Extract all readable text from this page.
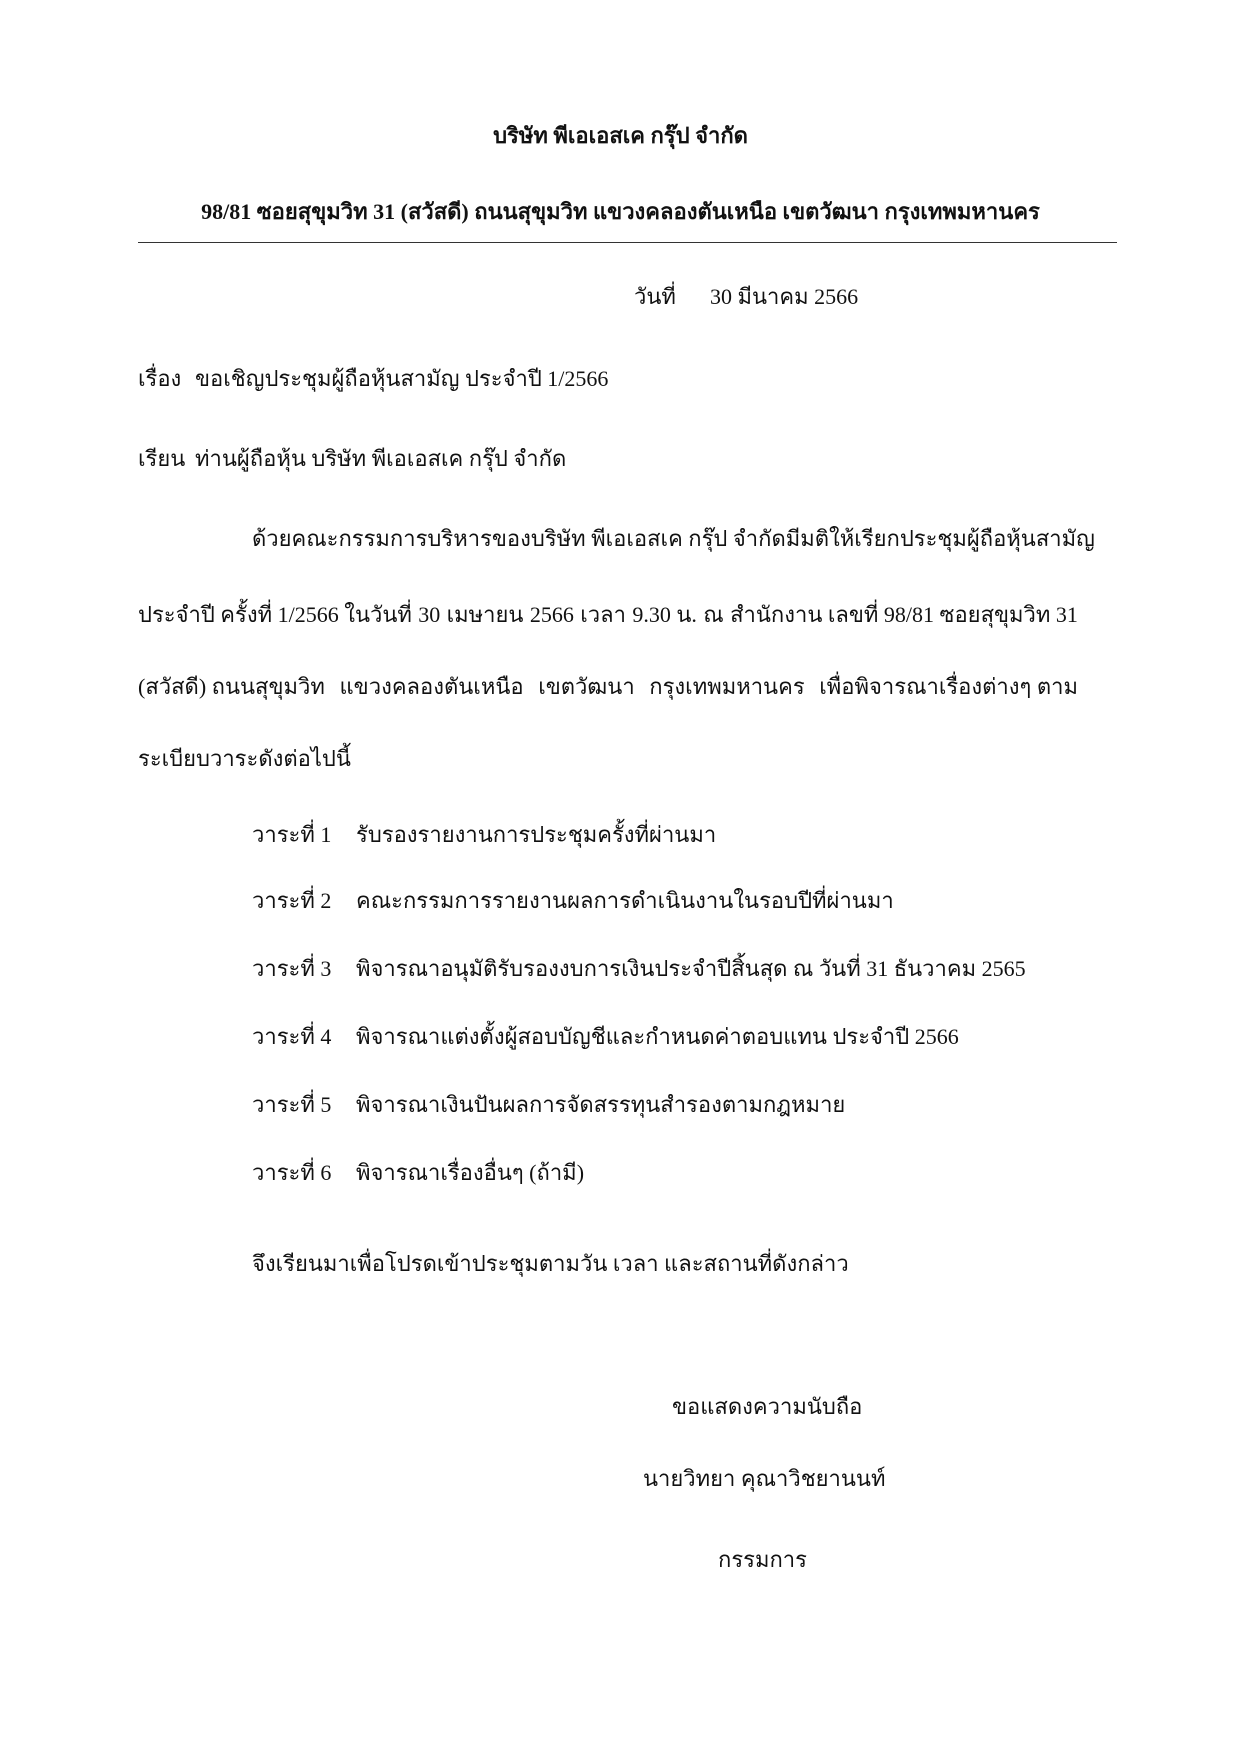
บริษัท พีเอเอสเค กรุ๊ป จำกัด
98/81 ซอยสุขุมวิท 31 (สวัสดี) ถนนสุขุมวิท แขวงคลองตันเหนือ เขตวัฒนา กรุงเทพมหานคร
วันที่ 30 มีนาคม 2566
เรื่อง ขอเชิญประชุมผู้ถือหุ้นสามัญ ประจำปี 1/2566
เรียน ท่านผู้ถือหุ้น บริษัท พีเอเอสเค กรุ๊ป จำกัด
ด้วยคณะกรรมการบริหารของบริษัท พีเอเอสเค กรุ๊ป จำกัด มีมติให้เรียกประชุมผู้ถือหุ้นสามัญ
ประจำปี ครั้งที่ 1/2566 ในวันที่ 30 เมษายน 2566 เวลา 9.30 น. ณ สำนักงาน เลขที่ 98/81 ซอยสุขุมวิท 31
(สวัสดี) ถนนสุขุมวิท แขวงคลองตันเหนือ เขตวัฒนา กรุงเทพมหานคร เพื่อพิจารณาเรื่องต่างๆ ตาม
ระเบียบวาระดังต่อไปนี้
วาระที่ 1 รับรองรายงานการประชุมครั้งที่ผ่านมา
วาระที่ 2 คณะกรรมการรายงานผลการดำเนินงานในรอบปีที่ผ่านมา
วาระที่ 3 พิจารณาอนุมัติรับรองงบการเงินประจำปีสิ้นสุด ณ วันที่ 31 ธันวาคม 2565
วาระที่ 4 พิจารณาแต่งตั้งผู้สอบบัญชีและกำหนดค่าตอบแทน ประจำปี 2566
วาระที่ 5 พิจารณาเงินปันผลการจัดสรรทุนสำรองตามกฎหมาย
วาระที่ 6 พิจารณาเรื่องอื่นๆ (ถ้ามี)
จึงเรียนมาเพื่อโปรดเข้าประชุมตามวัน เวลา และสถานที่ดังกล่าว
ขอแสดงความนับถือ
นายวิทยา คุณาวิชยานนท์
กรรมการ
